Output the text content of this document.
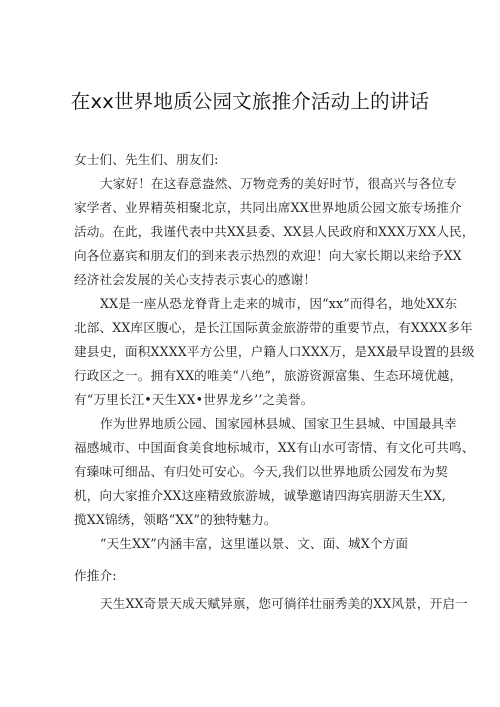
在xx世界地质公园文旅推介活动上的讲话
女士们、先生们、朋友们:
大家好！在这春意盎然、万物竞秀的美好时节，很高兴与各位专
家学者、业界精英相聚北京，共同出席XX世界地质公园文旅专场推介
活动。在此，我谨代表中共XX县委、XX县人民政府和XXX万XX人民，
向各位嘉宾和朋友们的到来表示热烈的欢迎！向大家长期以来给予XX
经济社会发展的关心支持表示衷心的感谢！
XX是一座从恐龙脊背上走来的城市，因“xx”而得名，地处XX东
北部、XX库区腹心，是长江国际黄金旅游带的重要节点，有XXXX多年
建县史，面积XXXX平方公里，户籍人口XXX万，是XX最早设置的县级
行政区之一。拥有XX的唯美“八绝”，旅游资源富集、生态环境优越，
有“万里长江•天生XX•世界龙乡’’之美誉。
作为世界地质公园、国家园林县城、国家卫生县城、中国最具幸
福感城市、中国面食美食地标城市，XX有山水可寄情、有文化可共鸣、
有臻味可细品、有归处可安心。今天,我们以世界地质公园发布为契
机，向大家推介XX这座精致旅游城，诚挚邀请四海宾朋游天生XX,
揽XX锦绣，领略“XX”的独特魅力。
“天生XX”内涵丰富，这里谨以景、文、面、城X个方面
作推介:
天生XX奇景天成天赋异禀，您可徜徉壮丽秀美的XX风景，开启一
